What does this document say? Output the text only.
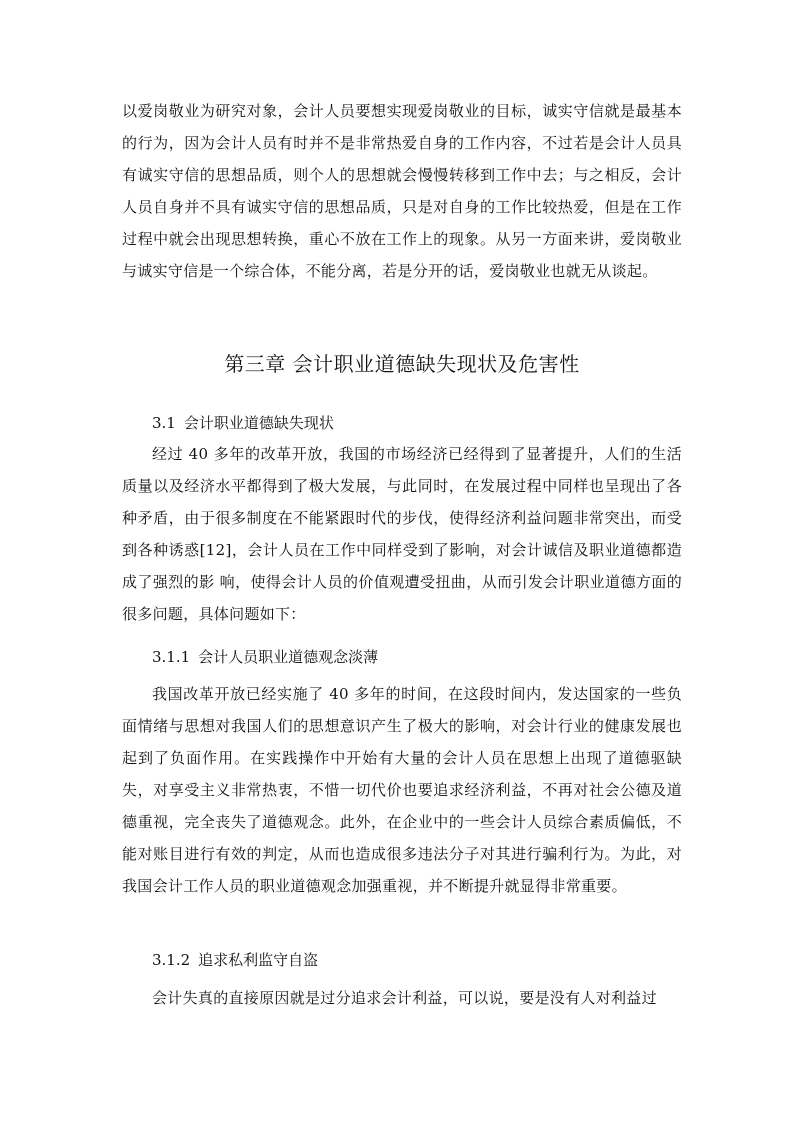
以爱岗敬业为研究对象，会计人员要想实现爱岗敬业的目标，诚实守信就是最基本的行为，因为会计人员有时并不是非常热爱自身的工作内容，不过若是会计人员具有诚实守信的思想品质，则个人的思想就会慢慢转移到工作中去；与之相反，会计人员自身并不具有诚实守信的思想品质，只是对自身的工作比较热爱，但是在工作过程中就会出现思想转换，重心不放在工作上的现象。从另一方面来讲，爱岗敬业与诚实守信是一个综合体，不能分离，若是分开的话，爱岗敬业也就无从谈起。

第三章 会计职业道德缺失现状及危害性
3.1 会计职业道德缺失现状

经过 40 多年的改革开放，我国的市场经济已经得到了显著提升，人们的生活质量以及经济水平都得到了极大发展，与此同时，在发展过程中同样也呈现出了各种矛盾，由于很多制度在不能紧跟时代的步伐，使得经济利益问题非常突出，而受到各种诱惑[12]，会计人员在工作中同样受到了影响，对会计诚信及职业道德都造成了强烈的影 响，使得会计人员的价值观遭受扭曲，从而引发会计职业道德方面的很多问题，具体问题如下：

3.1.1 会计人员职业道德观念淡薄

我国改革开放已经实施了 40 多年的时间，在这段时间内，发达国家的一些负面情绪与思想对我国人们的思想意识产生了极大的影响，对会计行业的健康发展也起到了负面作用。在实践操作中开始有大量的会计人员在思想上出现了道德驱缺失，对享受主义非常热衷，不惜一切代价也要追求经济利益，不再对社会公德及道德重视，完全丧失了道德观念。此外，在企业中的一些会计人员综合素质偏低，不能对账目进行有效的判定，从而也造成很多违法分子对其进行骗利行为。为此，对我国会计工作人员的职业道德观念加强重视，并不断提升就显得非常重要。

3.1.2 追求私利监守自盗

会计失真的直接原因就是过分追求会计利益，可以说，要是没有人对利益过
